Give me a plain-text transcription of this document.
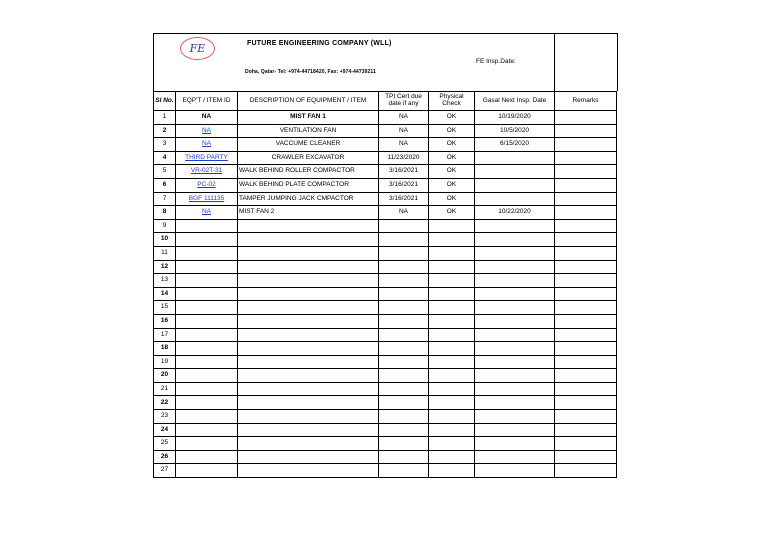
FE	FUTURE ENGINEERING COMPANY (WLL)
Doha, Qatar- Tel: +974-44718420, Fax: +974-44739211
FE Insp.Date:
Sl No.	EQP'T / ITEM ID	DESCRIPTION OF EQUIPMENT / ITEM	TPI Cert due date if any	Physical Check	Gasal Next Insp. Date	Remarks
1	NA	MIST FAN 1	NA	OK	10/19/2020	
2	NA	VENTILATION FAN	NA	OK	10/5/2020	
3	NA	VACCUME CLEANER	NA	OK	6/15/2020	
4	THIRD PARTY	CRAWLER EXCAVATOR	11/23/2020	OK		
5	VR-02T-31	WALK BEHIND ROLLER COMPACTOR	3/16/2021	OK		
6	PC-02	WALK BEHIND PLATE COMPACTOR	3/16/2021	OK		
7	BGF 111135	TAMPER JUMPING JACK CMPACTOR	3/16/2021	OK		
8	NA	MIST FAN 2	NA	OK	10/22/2020	
9						
10						
11						
12						
13						
14						
15						
16						
17						
18						
19						
20						
21						
22						
23						
24						
25						
26						
27						
